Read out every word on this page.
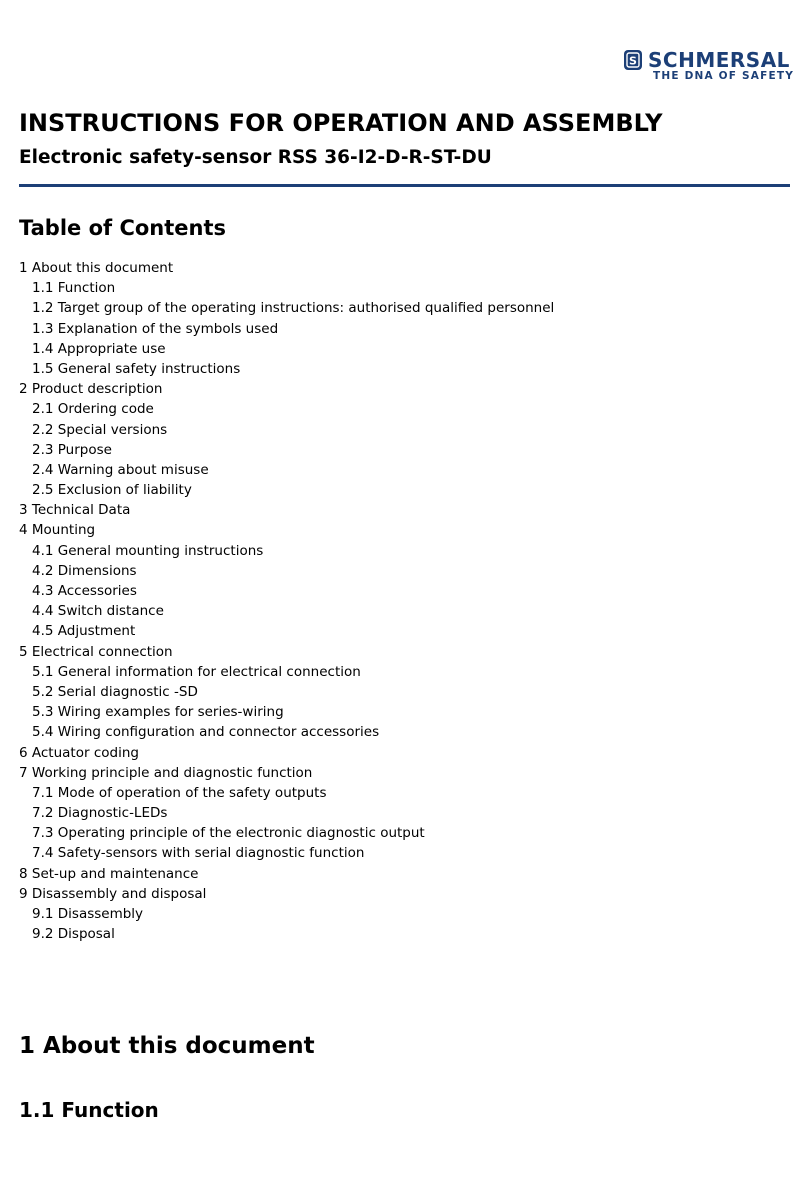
S SCHMERSAL
THE DNA OF SAFETY
INSTRUCTIONS FOR OPERATION AND ASSEMBLY
Electronic safety-sensor RSS 36-I2-D-R-ST-DU
Table of Contents
1 About this document
1.1 Function
1.2 Target group of the operating instructions: authorised qualified personnel
1.3 Explanation of the symbols used
1.4 Appropriate use
1.5 General safety instructions
2 Product description
2.1 Ordering code
2.2 Special versions
2.3 Purpose
2.4 Warning about misuse
2.5 Exclusion of liability
3 Technical Data
4 Mounting
4.1 General mounting instructions
4.2 Dimensions
4.3 Accessories
4.4 Switch distance
4.5 Adjustment
5 Electrical connection
5.1 General information for electrical connection
5.2 Serial diagnostic -SD
5.3 Wiring examples for series-wiring
5.4 Wiring configuration and connector accessories
6 Actuator coding
7 Working principle and diagnostic function
7.1 Mode of operation of the safety outputs
7.2 Diagnostic-LEDs
7.3 Operating principle of the electronic diagnostic output
7.4 Safety-sensors with serial diagnostic function
8 Set-up and maintenance
9 Disassembly and disposal
9.1 Disassembly
9.2 Disposal
1 About this document
1.1 Function
